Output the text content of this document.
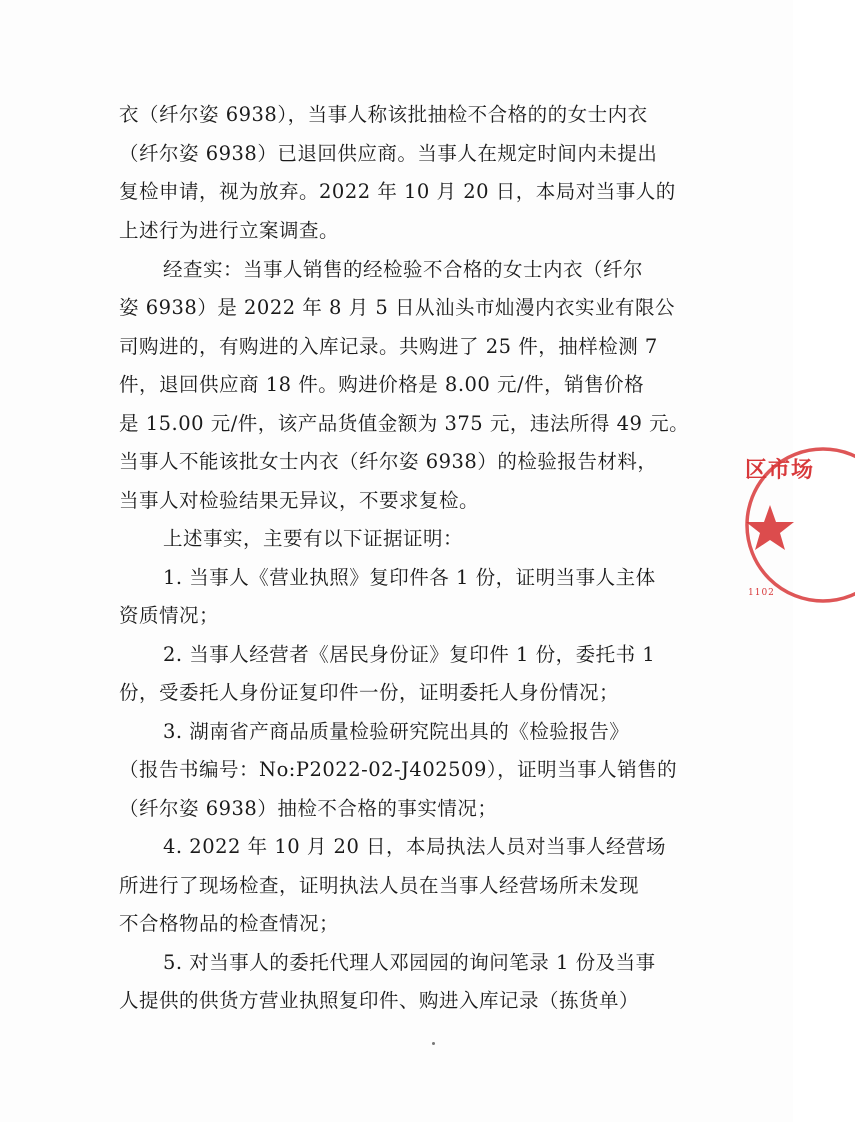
衣（纤尔姿 6938），当事人称该批抽检不合格的的女士内衣
（纤尔姿 6938）已退回供应商。当事人在规定时间内未提出
复检申请，视为放弃。2022 年 10 月 20 日，本局对当事人的
上述行为进行立案调查。
经查实：当事人销售的经检验不合格的女士内衣（纤尔
姿 6938）是 2022 年 8 月 5 日从汕头市灿漫内衣实业有限公
司购进的，有购进的入库记录。共购进了 25 件，抽样检测 7
件，退回供应商 18 件。购进价格是 8.00 元/件，销售价格
是 15.00 元/件，该产品货值金额为 375 元，违法所得 49 元。
当事人不能该批女士内衣（纤尔姿 6938）的检验报告材料，
当事人对检验结果无异议，不要求复检。
上述事实，主要有以下证据证明：
1. 当事人《营业执照》复印件各 1 份，证明当事人主体
资质情况；
2. 当事人经营者《居民身份证》复印件 1 份，委托书 1
份，受委托人身份证复印件一份，证明委托人身份情况；
3. 湖南省产商品质量检验研究院出具的《检验报告》
（报告书编号：No:P2022-02-J402509），证明当事人销售的
（纤尔姿 6938）抽检不合格的事实情况；
4. 2022 年 10 月 20 日，本局执法人员对当事人经营场
所进行了现场检查，证明执法人员在当事人经营场所未发现
不合格物品的检查情况；
5. 对当事人的委托代理人邓园园的询问笔录 1 份及当事
人提供的供货方营业执照复印件、购进入库记录（拣货单）
区市场
1102
